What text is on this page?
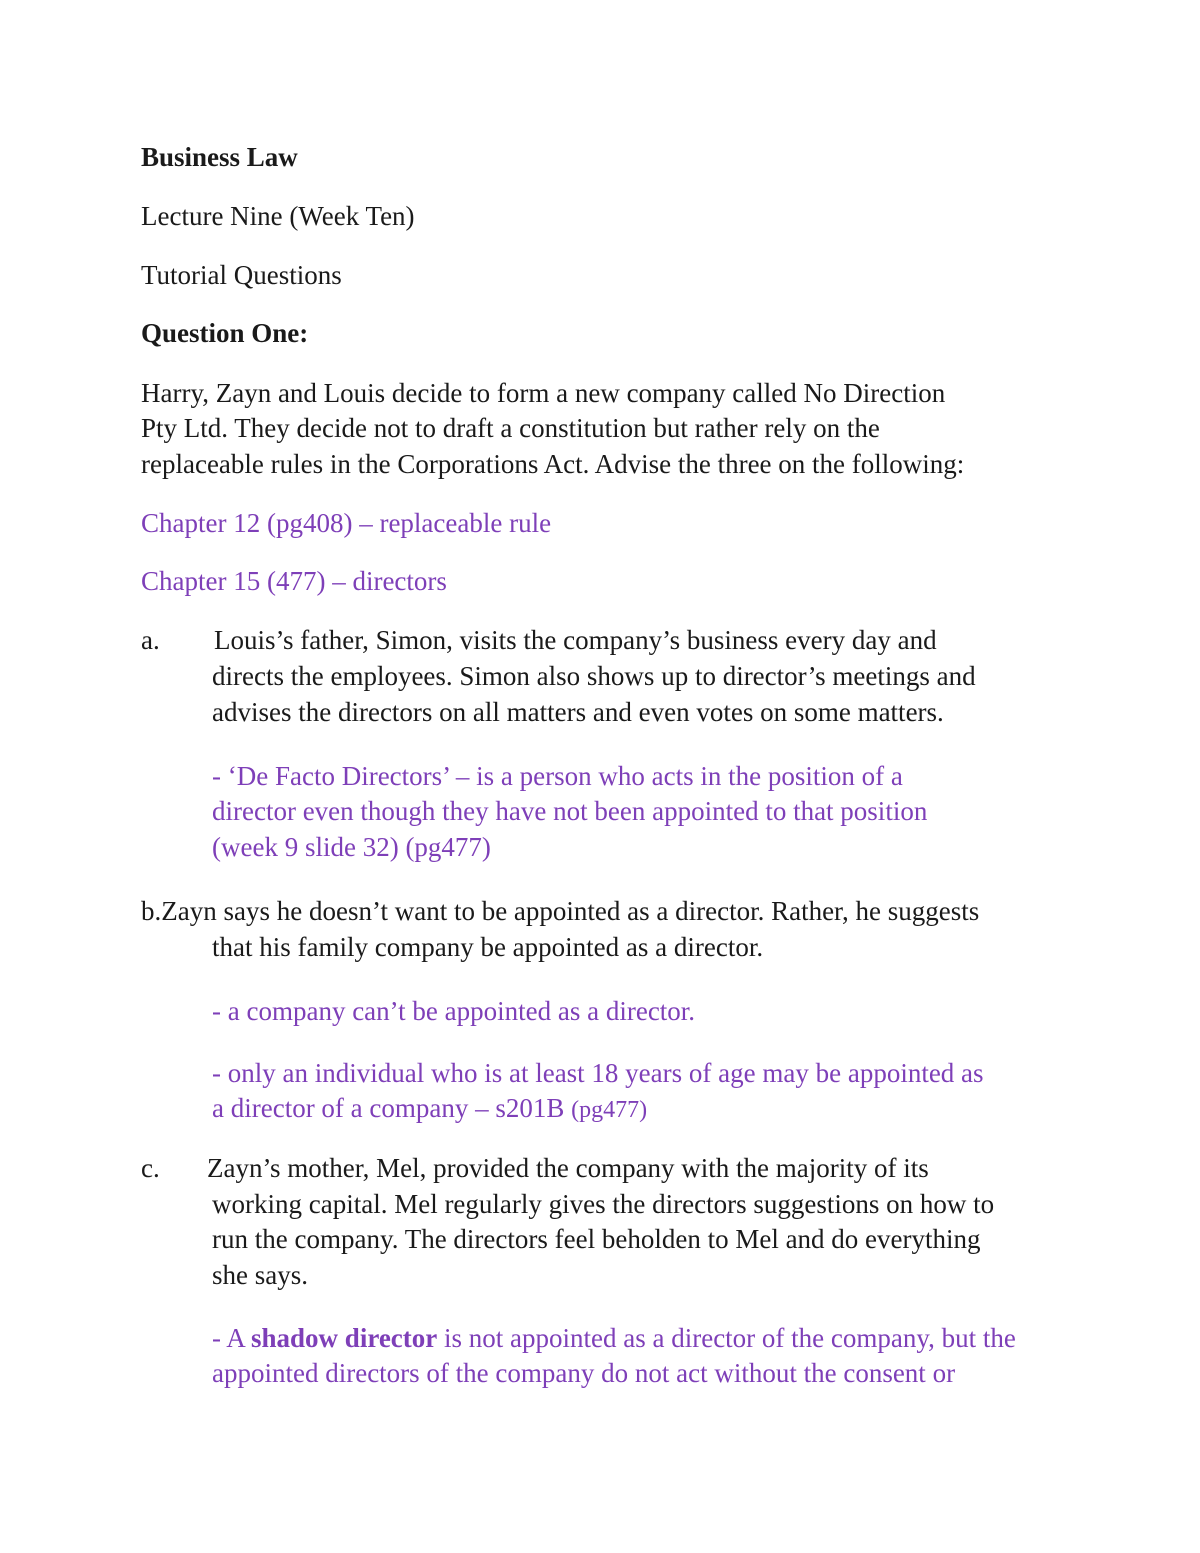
Business Law
Lecture Nine (Week Ten)
Tutorial Questions
Question One:
Harry, Zayn and Louis decide to form a new company called No Direction
Pty Ltd. They decide not to draft a constitution but rather rely on the
replaceable rules in the Corporations Act. Advise the three on the following:
Chapter 12 (pg408) – replaceable rule
Chapter 15 (477) – directors
a. Louis’s father, Simon, visits the company’s business every day and
directs the employees. Simon also shows up to director’s meetings and
advises the directors on all matters and even votes on some matters.
- ‘De Facto Directors’ – is a person who acts in the position of a
director even though they have not been appointed to that position
(week 9 slide 32) (pg477)
b.Zayn says he doesn’t want to be appointed as a director. Rather, he suggests
that his family company be appointed as a director.
- a company can’t be appointed as a director.
- only an individual who is at least 18 years of age may be appointed as
a director of a company – s201B (pg477)
c. Zayn’s mother, Mel, provided the company with the majority of its
working capital. Mel regularly gives the directors suggestions on how to
run the company. The directors feel beholden to Mel and do everything
she says.
- A shadow director is not appointed as a director of the company, but the
appointed directors of the company do not act without the consent or
